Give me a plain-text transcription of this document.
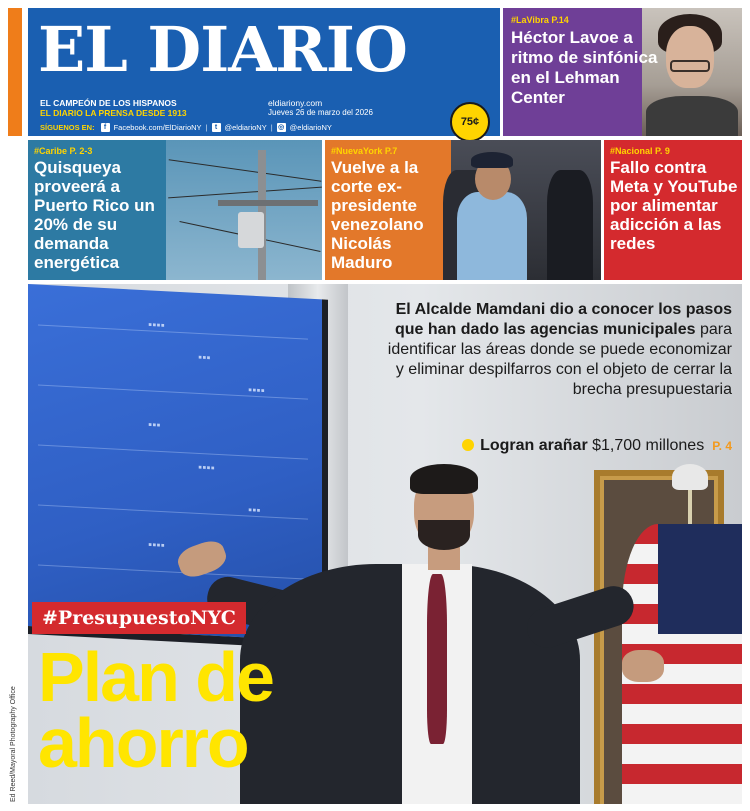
EL DIARIO
EL CAMPEÓN DE LOS HISPANOS
EL DIARIO LA PRENSA DESDE 1913
eldiariony.com
Jueves 26 de marzo del 2026
SÍGUENOS EN:	f Facebook.com/ElDiarioNY |	t @eldiarioNY | ◎ @eldiarioNY	75¢
#LaVibra P.14
Héctor Lavoe a ritmo de sinfónica en el Lehman Center
#Caribe P. 2-3
Quisqueya proveerá a Puerto Rico un 20% de su demanda energética
#NuevaYork P.7
Vuelve a la corte ex-presidente venezolano Nicolás Maduro
#Nacional P. 9
Fallo contra Meta y YouTube por alimentar adicción a las redes
▪▪▪▪
▪▪▪
▪▪▪▪
▪▪▪
▪▪▪▪
▪▪▪
▪▪▪▪
El Alcalde Mamdani dio a conocer los pasos que han dado las agencias municipales para identificar las áreas donde se puede economizar y eliminar despilfarros con el objeto de cerrar la brecha presupuestaria
Logran arañar $1,700 millones P. 4
#PresupuestoNYC
Plan de
ahorro
Ed Reed/Mayoral Photography Office
